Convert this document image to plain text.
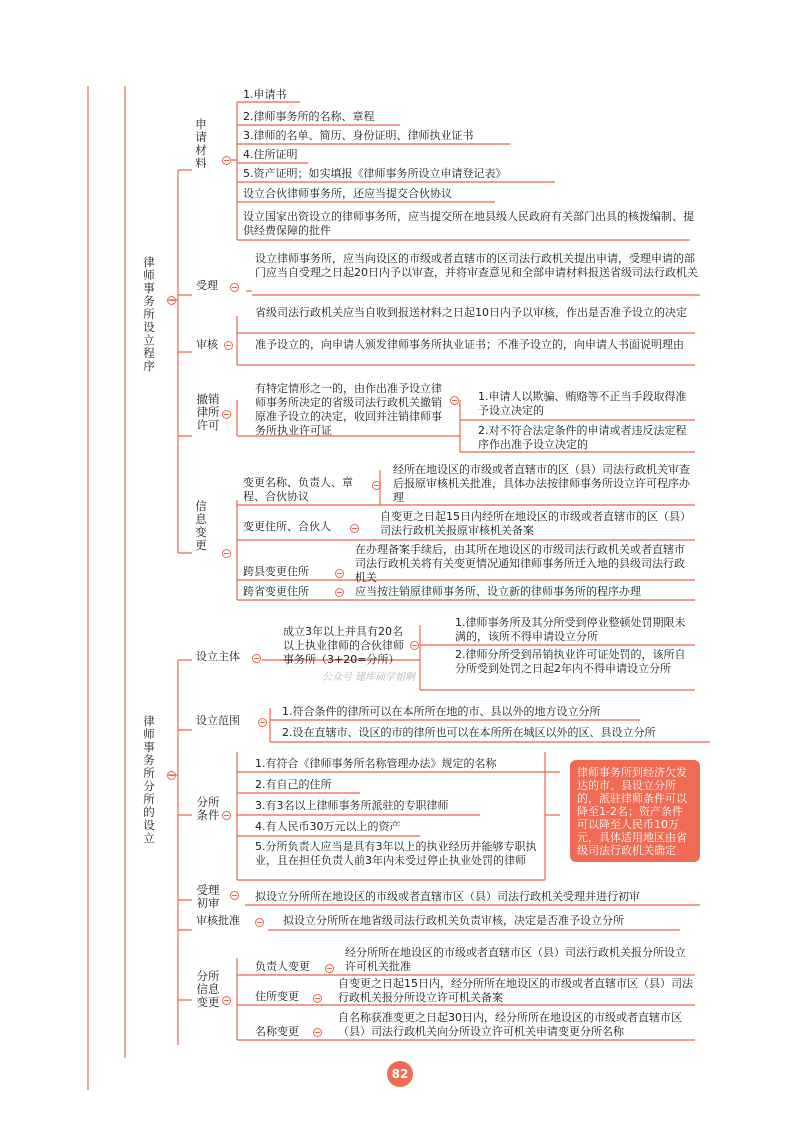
律师事务所设立程序
律师事务所分所的设立
申请材料
1.申请书
2.律师事务所的名称、章程
3.律师的名单、简历、身份证明、律师执业证书
4.住所证明
5.资产证明；如实填报《律师事务所设立申请登记表》
设立合伙律师事务所，还应当提交合伙协议
设立国家出资设立的律师事务所，应当提交所在地县级人民政府有关部门出具的核拨编制、提供经费保障的批件
受理
设立律师事务所，应当向设区的市级或者直辖市的区司法行政机关提出申请，受理申请的部门应当自受理之日起20日内予以审查，并将审查意见和全部申请材料报送省级司法行政机关
审核
省级司法行政机关应当自收到报送材料之日起10日内予以审核，作出是否准予设立的决定
准予设立的，向申请人颁发律师事务所执业证书；不准予设立的，向申请人书面说明理由
撤销律所许可
有特定情形之一的，由作出准予设立律师事务所决定的省级司法行政机关撤销原准予设立的决定，收回并注销律师事务所执业许可证
1.申请人以欺骗、贿赂等不正当手段取得准予设立决定的
2.对不符合法定条件的申请或者违反法定程序作出准予设立决定的
信息变更
变更名称、负责人、章程、合伙协议
经所在地设区的市级或者直辖市的区（县）司法行政机关审查后报原审核机关批准，具体办法按律师事务所设立许可程序办理
变更住所、合伙人
自变更之日起15日内经所在地设区的市级或者直辖市的区（县）司法行政机关报原审核机关备案
跨县变更住所
在办理备案手续后，由其所在地设区的市级司法行政机关或者直辖市司法行政机关将有关变更情况通知律师事务所迁入地的县级司法行政机关
跨省变更住所	应当按注销原律师事务所、设立新的律师事务所的程序办理
设立主体
成立3年以上并具有20名以上执业律师的合伙律师事务所（3+20=分所）
1.律师事务所及其分所受到停业整顿处罚期限未满的，该所不得申请设立分所
2.律师分所受到吊销执业许可证处罚的，该所自分所受到处罚之日起2年内不得申请设立分所
公众号 建库硕学姐啊
设立范围
1.符合条件的律所可以在本所所在地的市、县以外的地方设立分所
2.设在直辖市、设区的市的律所也可以在本所所在城区以外的区、县设立分所
分所条件
1.有符合《律师事务所名称管理办法》规定的名称
2.有自己的住所
3.有3名以上律师事务所派驻的专职律师
4.有人民币30万元以上的资产
5.分所负责人应当是具有3年以上的执业经历并能够专职执业，且在担任负责人前3年内未受过停止执业处罚的律师
律师事务所到经济欠发达的市、县设立分所的，派驻律师条件可以降至1-2名；资产条件可以降至人民币10万元，具体适用地区由省级司法行政机关确定
受理初审	拟设立分所所在地设区的市级或者直辖市区（县）司法行政机关受理并进行初审
审核批准	拟设立分所所在地省级司法行政机关负责审核，决定是否准予设立分所
分所信息变更
负责人变更
经分所所在地设区的市级或者直辖市区（县）司法行政机关报分所设立许可机关批准
住所变更
自变更之日起15日内，经分所所在地设区的市级或者直辖市区（县）司法行政机关报分所设立许可机关备案
名称变更
自名称获准变更之日起30日内，经分所所在地设区的市级或者直辖市区（县）司法行政机关向分所设立许可机关申请变更分所名称
82
